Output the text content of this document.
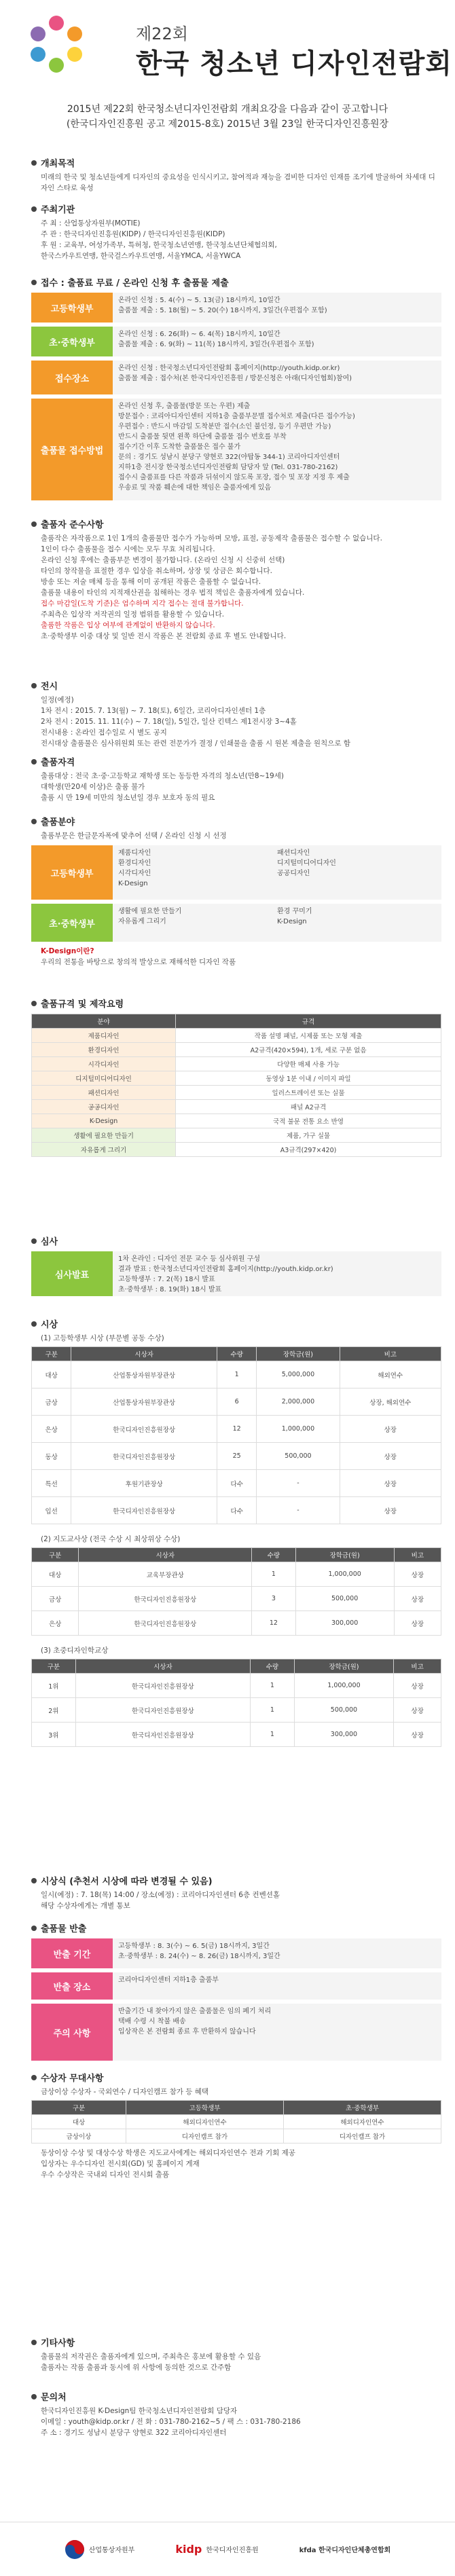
제22회
한국 청소년 디자인전람회
2015년 제22회 한국청소년디자인전람회 개최요강을 다음과 같이 공고합니다
(한국디자인진흥원 공고 제2015-8호) 2015년 3월 23일 한국디자인진흥원장
개최목적
미래의 한국 및 청소년들에게 디자인의 중요성을 인식시키고, 참여적과 재능을 겸비한 디자인 인재를 조기에 발굴하여 차세대 디자인 스타로 육성
주최기관
주 최 : 산업통상자원부(MOTIE)
주 관 : 한국디자인진흥원(KIDP) / 한국디자인진흥원(KIDP)
후 원 : 교육부, 여성가족부, 특허청, 한국청소년연맹, 한국청소년단체협의회,
한국스카우트연맹, 한국걸스카우트연맹, 서울YMCA, 서울YWCA
접수 : 출품료 무료 / 온라인 신청 후 출품물 제출
고등학생부
온라인 신청 : 5. 4(수) ~ 5. 13(금) 18시까지, 10일간
출품물 제출 : 5. 18(월) ~ 5. 20(수) 18시까지, 3일간(우편접수 포함)
초·중학생부
온라인 신청 : 6. 26(화) ~ 6. 4(목) 18시까지, 10일간
출품물 제출 : 6. 9(화) ~ 11(목) 18시까지, 3일간(우편접수 포함)
접수장소
온라인 신청 : 한국청소년디자인전람회 홈페이지(http://youth.kidp.or.kr)
출품물 제출 : 접수처(본 한국디자인진흥원 / 방문신청은 아래(디자인협회)참여)
출품물 접수방법
온라인 신청 후, 출품물(방문 또는 우편) 제출
방문접수 : 코리아디자인센터 지하1층 출품부문별 접수처로 제출(다른 접수가능)
우편접수 : 반드시 마감일 도착분만 접수(소인 불인정, 등기 우편만 가능)
반드시 출품물 뒷면 왼쪽 하단에 출품물 접수 번호를 부착
접수기간 이후 도착한 출품물은 접수 불가
문의 : 경기도 성남시 분당구 양현로 322(야탑동 344-1) 코리아디자인센터
지하1층 전시장 한국청소년디자인전람회 담당자 앞 (Tel. 031-780-2162)
접수시 출품표를 다른 작품과 뒤섞이지 않도록 포장, 접수 및 포장 지정 후 제출
우송료 및 작품 훼손에 대한 책임은 출품자에게 있음
출품자 준수사항
출품작은 자작품으로 1인 1개의 출품물만 접수가 가능하며 모방, 표절, 공동제작 출품물은 접수할 수 없습니다.
1인이 다수 출품물을 접수 시에는 모두 무효 처리됩니다.
온라인 신청 후에는 출품부문 변경이 불가합니다. (온라인 신청 시 신중히 선택)
타인의 창작물을 표절한 경우 입상을 취소하며, 상장 및 상금은 회수합니다.
방송 또는 저술 매체 등을 통해 이미 공개된 작품은 출품할 수 없습니다.
출품물 내용이 타인의 지적재산권을 침해하는 경우 법적 책임은 출품자에게 있습니다.
접수 마감일(도착 기준)은 엄수하며 지각 접수는 절대 불가합니다.
주최측은 입상작 저작권의 일정 범위를 활용할 수 있습니다.
출품한 작품은 입상 여부에 관계없이 반환하지 않습니다.
초·중학생부 이중 대상 및 일반 전시 작품은 본 전람회 종료 후 별도 안내합니다.
전시
일정(예정)
1차 전시 : 2015. 7. 13(월) ~ 7. 18(토), 6일간, 코리아디자인센터 1층
2차 전시 : 2015. 11. 11(수) ~ 7. 18(일), 5일간, 일산 킨텍스 제1전시장 3~4홀
전시내용 : 온라인 접수일로 시 별도 공지
전시대상 출품물은 심사위원회 또는 관련 전문가가 결정 / 인쇄물을 출품 시 원본 제출을 원칙으로 함
출품자격
출품대상 : 전국 초·중·고등학교 재학생 또는 동등한 자격의 청소년(만8~19세)
대학생(만20세 이상)은 출품 불가
출품 시 만 19세 미만의 청소년일 경우 보호자 동의 필요
출품분야
출품부문은 한글문자폭에 맞추어 선택 / 온라인 신청 시 선정
고등학생부
제품디자인
환경디자인
시각디자인
K-Design
패션디자인
디지털미디어디자인
공공디자인
초·중학생부
생활에 필요한 만들기
자유롭게 그리기
환경 꾸미기
K-Design
K-Design이란?
우리의 전통을 바탕으로 창의적 발상으로 재해석한 디자인 작품
출품규격 및 제작요령
분야	규격
제품디자인	작품 설명 패널, 시제품 또는 모형 제출
환경디자인	A2규격(420×594), 1개, 세로 구분 없음
시각디자인	다양한 매체 사용 가능
디지털미디어디자인	동영상 1분 이내 / 이미지 파일
패션디자인	일러스트레이션 또는 실물
공공디자인	패널 A2규격
K-Design	국적 불문 전통 요소 반영
생활에 필요한 만들기	제품, 가구 실물
자유롭게 그리기	A3규격(297×420)
심사
심사발표
1차 온라인 : 디자인 전문 교수 등 심사위원 구성
결과 발표 : 한국청소년디자인전람회 홈페이지(http://youth.kidp.or.kr)
고등학생부 : 7. 2(목) 18시 발표
초·중학생부 : 8. 19(화) 18시 발표
시상
(1) 고등학생부 시상 (부문별 공동 수상)
구분	시상자	수량	장학금(원)	비고
대상	산업통상자원부장관상	1	5,000,000	해외연수
금상	산업통상자원부장관상	6	2,000,000	상장, 해외연수
은상	한국디자인진흥원장상	12	1,000,000	상장
동상	한국디자인진흥원장상	25	500,000	상장
특선	후원기관장상	다수	-	상장
입선	한국디자인진흥원장상	다수	-	상장
(2) 지도교사상 (전국 수상 시 최상위상 수상)
구분	시상자	수량	장학금(원)	비고
대상	교육부장관상	1	1,000,000	상장
금상	한국디자인진흥원장상	3	500,000	상장
은상	한국디자인진흥원장상	12	300,000	상장
(3) 초중디자인학교상
구분	시상자	수량	장학금(원)	비고
1위	한국디자인진흥원장상	1	1,000,000	상장
2위	한국디자인진흥원장상	1	500,000	상장
3위	한국디자인진흥원장상	1	300,000	상장
시상식 (추천서 시상에 따라 변경될 수 있음)
일시(예정) : 7. 18(목) 14:00 / 장소(예정) : 코리아디자인센터 6층 컨벤션홀
해당 수상자에게는 개별 통보
출품물 반출
반출 기간
고등학생부 : 8. 3(수) ~ 6. 5(금) 18시까지, 3일간
초·중학생부 : 8. 24(수) ~ 8. 26(금) 18시까지, 3일간
반출 장소
코리아디자인센터 지하1층 출품부
주의 사항
반출기간 내 찾아가지 않은 출품물은 임의 폐기 처리
택배 수령 시 착불 배송
입상작은 본 전람회 종료 후 반환하지 않습니다
수상자 무대사항
금상이상 수상자 - 국외연수 / 디자인캠프 참가 등 혜택
구분	고등학생부	초·중학생부
대상	해외디자인연수	해외디자인연수
금상이상	디자인캠프 참가	디자인캠프 참가
동상이상 수상 및 대상수상 학생은 지도교사에게는 해외디자인연수 전과 기회 제공
입상자는 우수디자인 전시회(GD) 및 홈페이지 게재
우수 수상작은 국내외 디자인 전시회 출품
기타사항
출품물의 저작권은 출품자에게 있으며, 주최측은 홍보에 활용할 수 있음
출품자는 작품 출품과 동시에 위 사항에 동의한 것으로 간주함
문의처
한국디자인진흥원 K-Design팀 한국청소년디자인전람회 담당자
이메일 : youth@kidp.or.kr / 전 화 : 031-780-2162~5 / 팩 스 : 031-780-2186
주 소 : 경기도 성남시 분당구 양현로 322 코리아디자인센터
산업통상자원부	kidp 한국디자인진흥원	kfda 한국디자인단체총연합회
